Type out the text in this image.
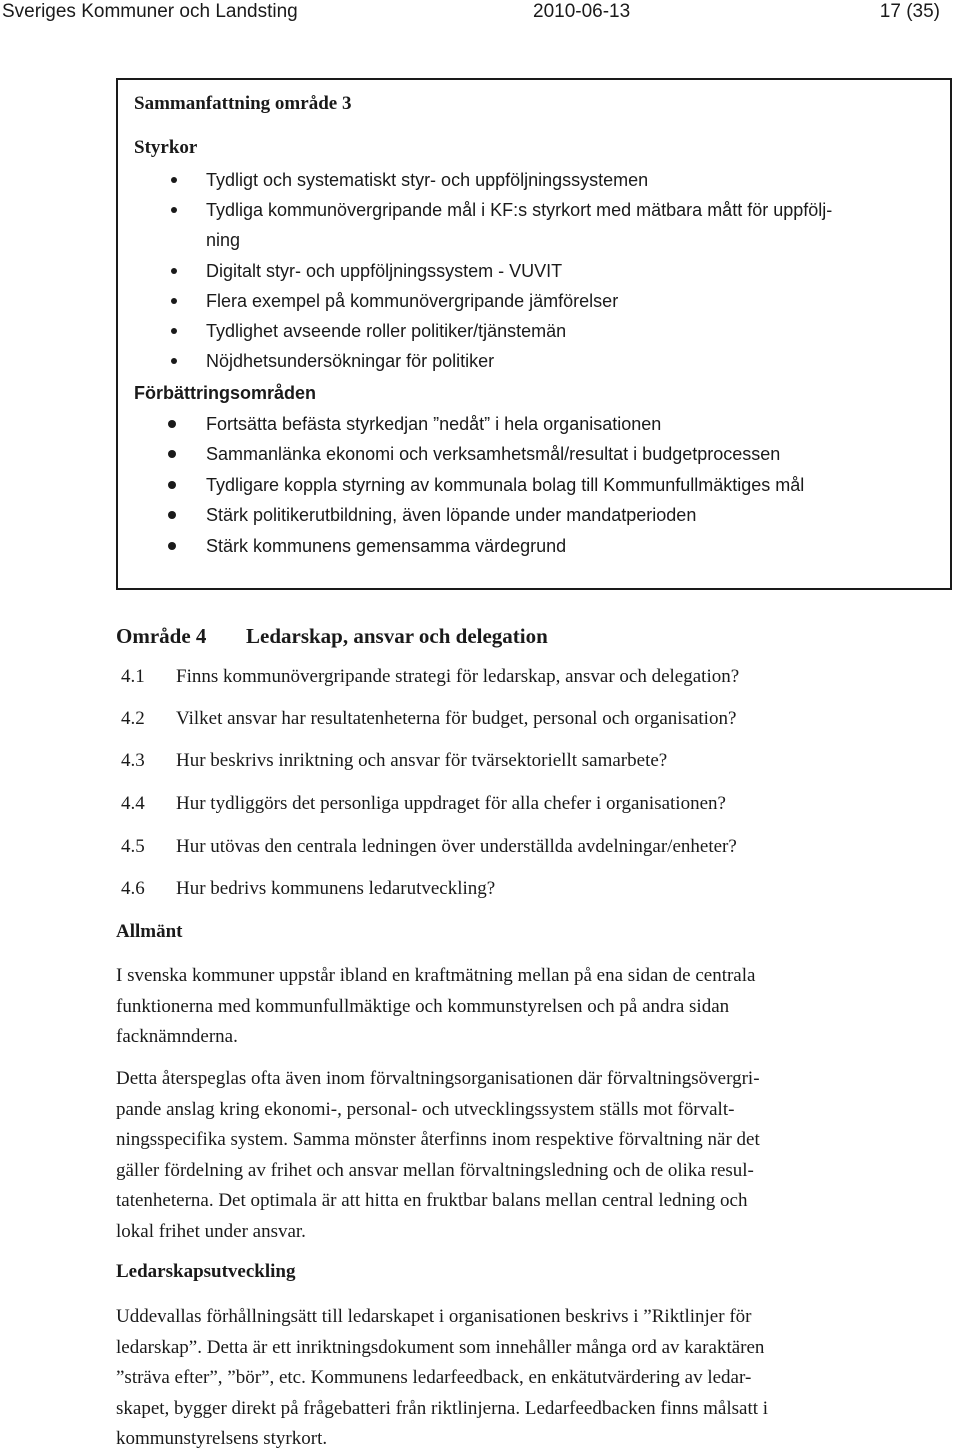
Sveriges Kommuner och Landsting	2010-06-13	17 (35)
Sammanfattning område 3
Styrkor
Tydligt och systematiskt styr- och uppföljningssystemen
Tydliga kommunövergripande mål i KF:s styrkort med mätbara mått för uppfölj-
ning
Digitalt styr- och uppföljningssystem - VUVIT
Flera exempel på kommunövergripande jämförelser
Tydlighet avseende roller politiker/tjänstemän
Nöjdhetsundersökningar för politiker
Förbättringsområden
Fortsätta befästa styrkedjan ”nedåt” i hela organisationen
Sammanlänka ekonomi och verksamhetsmål/resultat i budgetprocessen
Tydligare koppla styrning av kommunala bolag till Kommunfullmäktiges mål
Stärk politikerutbildning, även löpande under mandatperioden
Stärk kommunens gemensamma värdegrund
Område 4 Ledarskap, ansvar och delegation
4.1 Finns kommunövergripande strategi för ledarskap, ansvar och delegation?
4.2 Vilket ansvar har resultatenheterna för budget, personal och organisation?
4.3 Hur beskrivs inriktning och ansvar för tvärsektoriellt samarbete?
4.4 Hur tydliggörs det personliga uppdraget för alla chefer i organisationen?
4.5 Hur utövas den centrala ledningen över underställda avdelningar/enheter?
4.6 Hur bedrivs kommunens ledarutveckling?
Allmänt
I svenska kommuner uppstår ibland en kraftmätning mellan på ena sidan de centrala
funktionerna med kommunfullmäktige och kommunstyrelsen och på andra sidan
facknämnderna.
Detta återspeglas ofta även inom förvaltningsorganisationen där förvaltningsövergri-
pande anslag kring ekonomi-, personal- och utvecklingssystem ställs mot förvalt-
ningsspecifika system. Samma mönster återfinns inom respektive förvaltning när det
gäller fördelning av frihet och ansvar mellan förvaltningsledning och de olika resul-
tatenheterna. Det optimala är att hitta en fruktbar balans mellan central ledning och
lokal frihet under ansvar.
Ledarskapsutveckling
Uddevallas förhållningsätt till ledarskapet i organisationen beskrivs i ”Riktlinjer för
ledarskap”. Detta är ett inriktningsdokument som innehåller många ord av karaktären
”sträva efter”, ”bör”, etc. Kommunens ledarfeedback, en enkätutvärdering av ledar-
skapet, bygger direkt på frågebatteri från riktlinjerna. Ledarfeedbacken finns målsatt i
kommunstyrelsens styrkort.
